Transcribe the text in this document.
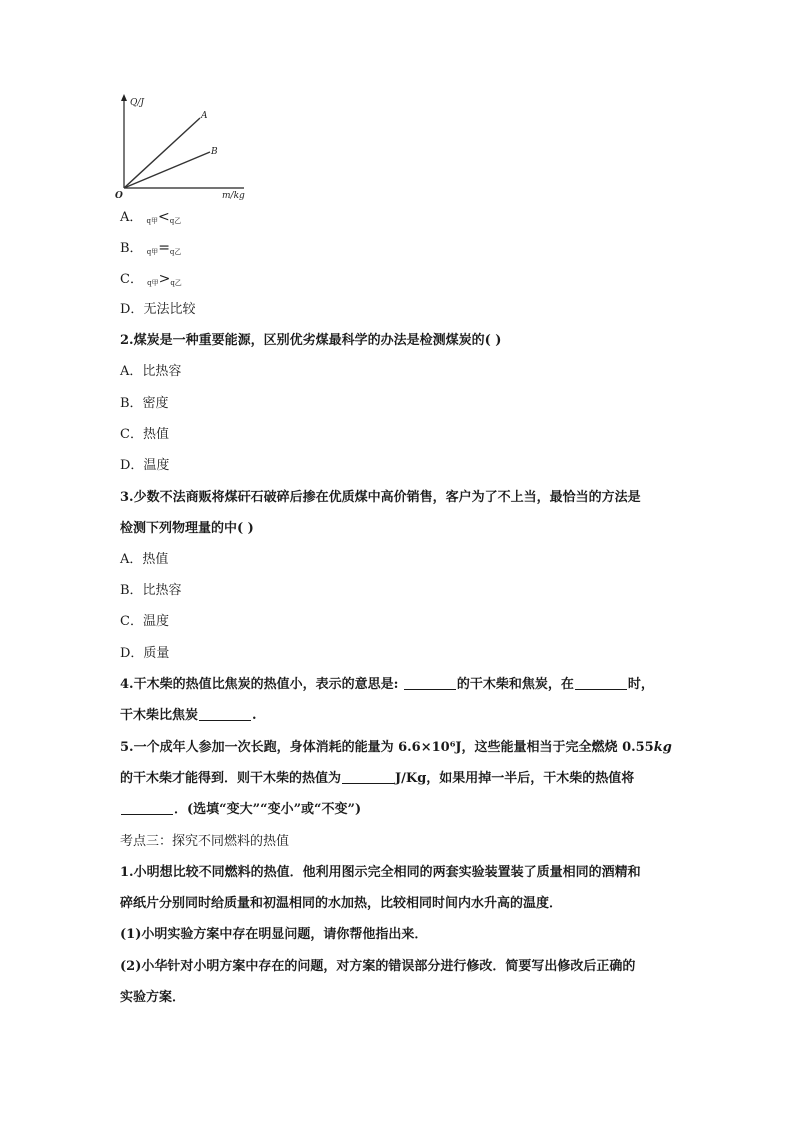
Q/J
m/kg
O
A
B
A． $_{q甲}<_{q乙}$
B． $_{q甲}=_{q乙}$
C． $_{q甲}>_{q乙}$
D．无法比较
2.煤炭是一种重要能源，区别优劣煤最科学的办法是检测煤炭的( )
A．比热容
B．密度
C．热值
D．温度
3.少数不法商贩将煤矸石破碎后掺在优质煤中高价销售，客户为了不上当，最恰当的方法是
检测下列物理量的中( )
A．热值
B．比热容
C．温度
D．质量
4.干木柴的热值比焦炭的热值小，表示的意思是:	的干木柴和焦炭，在	时，
干木柴比焦炭	.
5.一个成年人参加一次长跑，身体消耗的能量为 6.6×10⁶J，这些能量相当于完全燃烧 0.55kg
的干木柴才能得到．则干木柴的热值为	J/Kg，如果用掉一半后，干木柴的热值将
．(选填“变大”“变小”或“不变”)
考点三：探究不同燃料的热值
1.小明想比较不同燃料的热值．他利用图示完全相同的两套实验装置装了质量相同的酒精和
碎纸片分别同时给质量和初温相同的水加热，比较相同时间内水升高的温度．
(1)小明实验方案中存在明显问题，请你帮他指出来．
(2)小华针对小明方案中存在的问题，对方案的错误部分进行修改．简要写出修改后正确的
实验方案．
